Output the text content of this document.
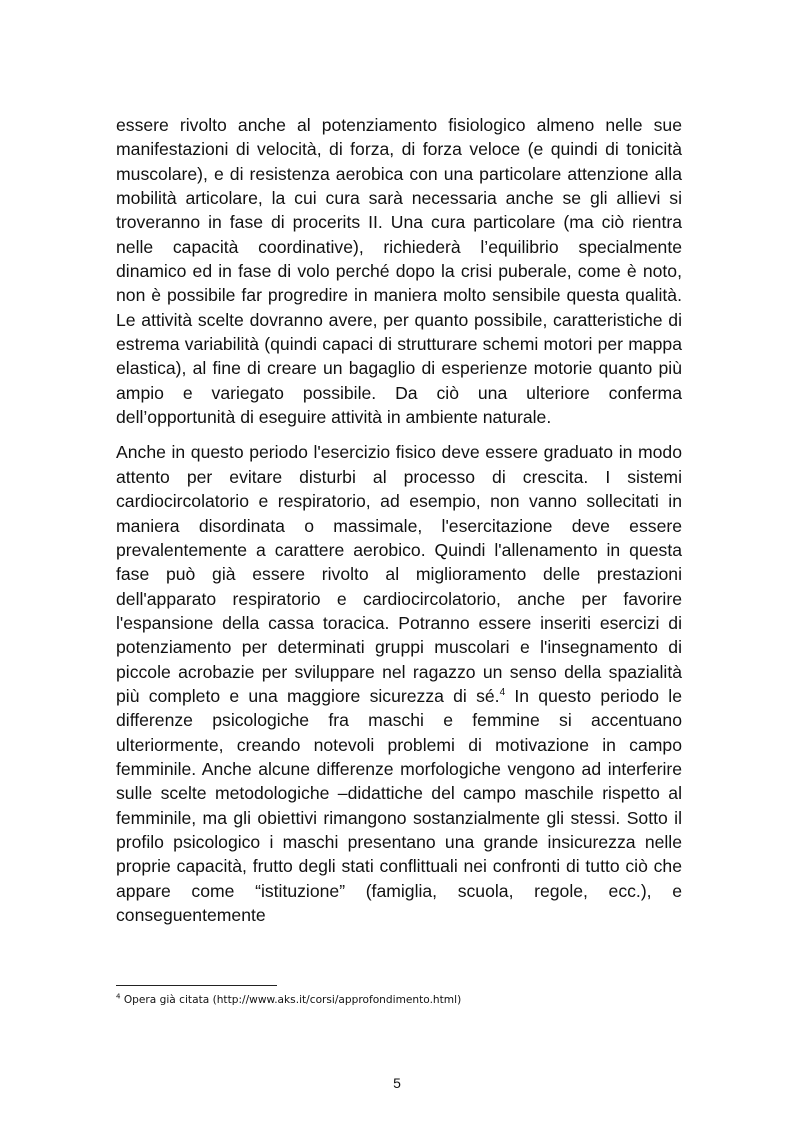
essere rivolto anche al potenziamento fisiologico almeno nelle sue manifestazioni di velocità, di forza, di forza veloce (e quindi di tonicità muscolare), e di resistenza aerobica con una particolare attenzione alla mobilità articolare, la cui cura sarà necessaria anche se gli allievi si troveranno in fase di procerits II. Una cura particolare (ma ciò rientra nelle capacità coordinative), richiederà l’equilibrio specialmente dinamico ed in fase di volo perché dopo la crisi puberale, come è noto, non è possibile far progredire in maniera molto sensibile questa qualità. Le attività scelte dovranno avere, per quanto possibile, caratteristiche di estrema variabilità (quindi capaci di strutturare schemi motori per mappa elastica), al fine di creare un bagaglio di esperienze motorie quanto più ampio e variegato possibile. Da ciò una ulteriore conferma dell’opportunità di eseguire attività in ambiente naturale.

Anche in questo periodo l'esercizio fisico deve essere graduato in modo attento per evitare disturbi al processo di crescita. I sistemi cardiocircolatorio e respiratorio, ad esempio, non vanno sollecitati in maniera disordinata o massimale, l'esercitazione deve essere prevalentemente a carattere aerobico. Quindi l'allenamento in questa fase può già essere rivolto al miglioramento delle prestazioni dell'apparato respiratorio e cardiocircolatorio, anche per favorire l'espansione della cassa toracica. Potranno essere inseriti esercizi di potenziamento per determinati gruppi muscolari e l'insegnamento di piccole acrobazie per sviluppare nel ragazzo un senso della spazialità più completo e una maggiore sicurezza di sé.$^4$ In questo periodo le differenze psicologiche fra maschi e femmine si accentuano ulteriormente, creando notevoli problemi di motivazione in campo femminile. Anche alcune differenze morfologiche vengono ad interferire sulle scelte metodologiche –didattiche del campo maschile rispetto al femminile, ma gli obiettivi rimangono sostanzialmente gli stessi. Sotto il profilo psicologico i maschi presentano una grande insicurezza nelle proprie capacità, frutto degli stati conflittuali nei confronti di tutto ciò che appare come “istituzione” (famiglia, scuola, regole, ecc.), e conseguentemente

$^4$ Opera già citata (http://www.aks.it/corsi/approfondimento.html)
5
